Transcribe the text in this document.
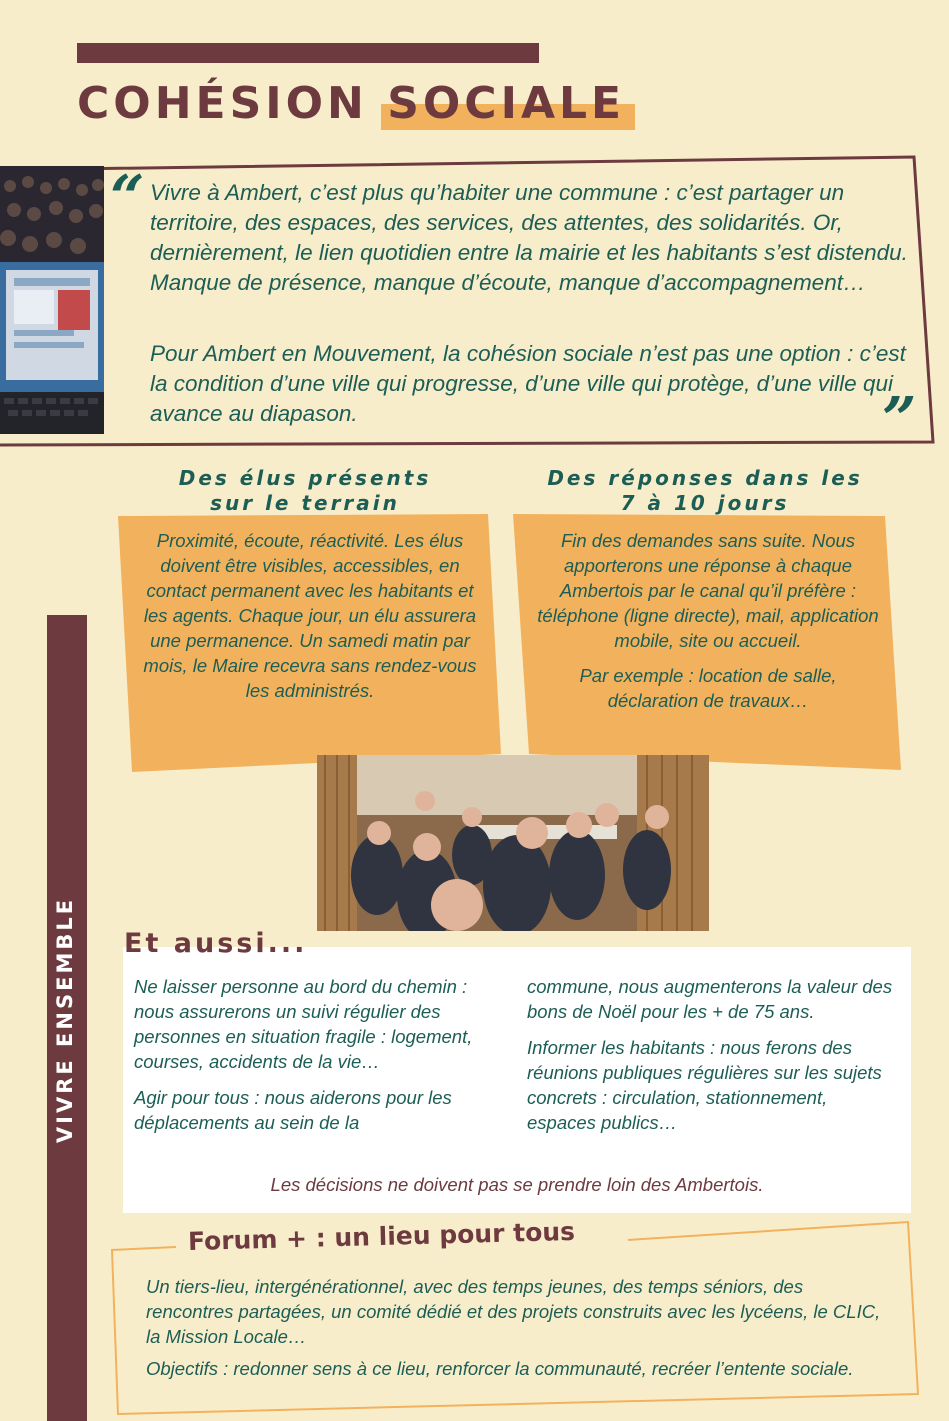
COHÉSION SOCIALE
“ Vivre à Ambert, c’est plus qu’habiter une commune : c’est partager un territoire, des espaces, des services, des attentes, des solidarités. Or, dernièrement, le lien quotidien entre la mairie et les habitants s’est distendu. Manque de présence, manque d’écoute, manque d’accompagnement…

Pour Ambert en Mouvement, la cohésion sociale n’est pas une option : c’est la condition d’une ville qui progresse, d’une ville qui protège, d’une ville qui avance au diapason.	”
Des élus présents
sur le terrain
Des réponses dans les
7 à 10 jours
Proximité, écoute, réactivité. Les élus doivent être visibles, accessibles, en contact permanent avec les habitants et les agents. Chaque jour, un élu assurera une permanence. Un samedi matin par mois, le Maire recevra sans rendez-vous les administrés.

Fin des demandes sans suite. Nous apporterons une réponse à chaque Ambertois par le canal qu’il préfère : téléphone (ligne directe), mail, application mobile, site ou accueil.

Par exemple : location de salle, déclaration de travaux…

VIVRE ENSEMBLE Et aussi...

Ne laisser personne au bord du chemin : nous assurerons un suivi régulier des personnes en situation fragile : logement, courses, accidents de la vie…

Agir pour tous : nous aiderons pour les déplacements au sein de la

commune, nous augmenterons la valeur des bons de Noël pour les + de 75 ans.

Informer les habitants : nous ferons des réunions publiques régulières sur les sujets concrets : circulation, stationnement, espaces publics…

Les décisions ne doivent pas se prendre loin des Ambertois.
Forum + : un lieu pour tous

Un tiers-lieu, intergénérationnel, avec des temps jeunes, des temps séniors, des rencontres partagées, un comité dédié et des projets construits avec les lycéens, le CLIC, la Mission Locale…

Objectifs : redonner sens à ce lieu, renforcer la communauté, recréer l’entente sociale.
